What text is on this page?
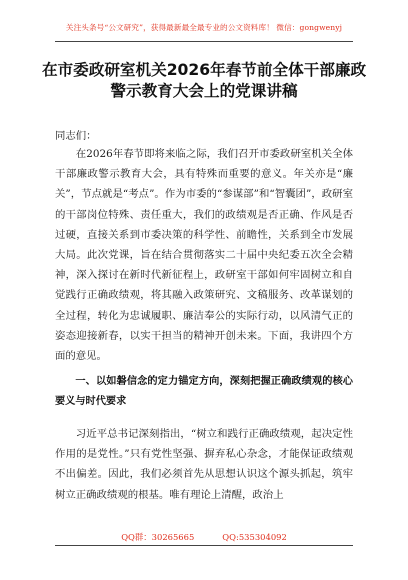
关注头条号“公文研究”，获得最新最全最专业的公文资料库！ 微信：gongwenyj
在市委政研室机关2026年春节前全体干部廉政警示教育大会上的党课讲稿
同志们：

在2026年春节即将来临之际，我们召开市委政研室机关全体干部廉政警示教育大会，具有特殊而重要的意义。年关亦是“廉关”，节点就是“考点”。作为市委的“参谋部”和“智囊团”，政研室的干部岗位特殊、责任重大，我们的政绩观是否正确、作风是否过硬，直接关系到市委决策的科学性、前瞻性，关系到全市发展大局。此次党课，旨在结合贯彻落实二十届中央纪委五次全会精神，深入探讨在新时代新征程上，政研室干部如何牢固树立和自觉践行正确政绩观，将其融入政策研究、文稿服务、改革谋划的全过程，转化为忠诚履职、廉洁奉公的实际行动，以风清气正的姿态迎接新春，以实干担当的精神开创未来。下面，我讲四个方面的意见。

一、以如磐信念的定力锚定方向，深刻把握正确政绩观的核心要义与时代要求

习近平总书记深刻指出，“树立和践行正确政绩观，起决定性作用的是党性。”只有党性坚强、摒弃私心杂念，才能保证政绩观不出偏差。因此，我们必须首先从思想认识这个源头抓起，筑牢树立正确政绩观的根基。唯有理论上清醒，政治上

QQ群：30265665	QQ:535304092
